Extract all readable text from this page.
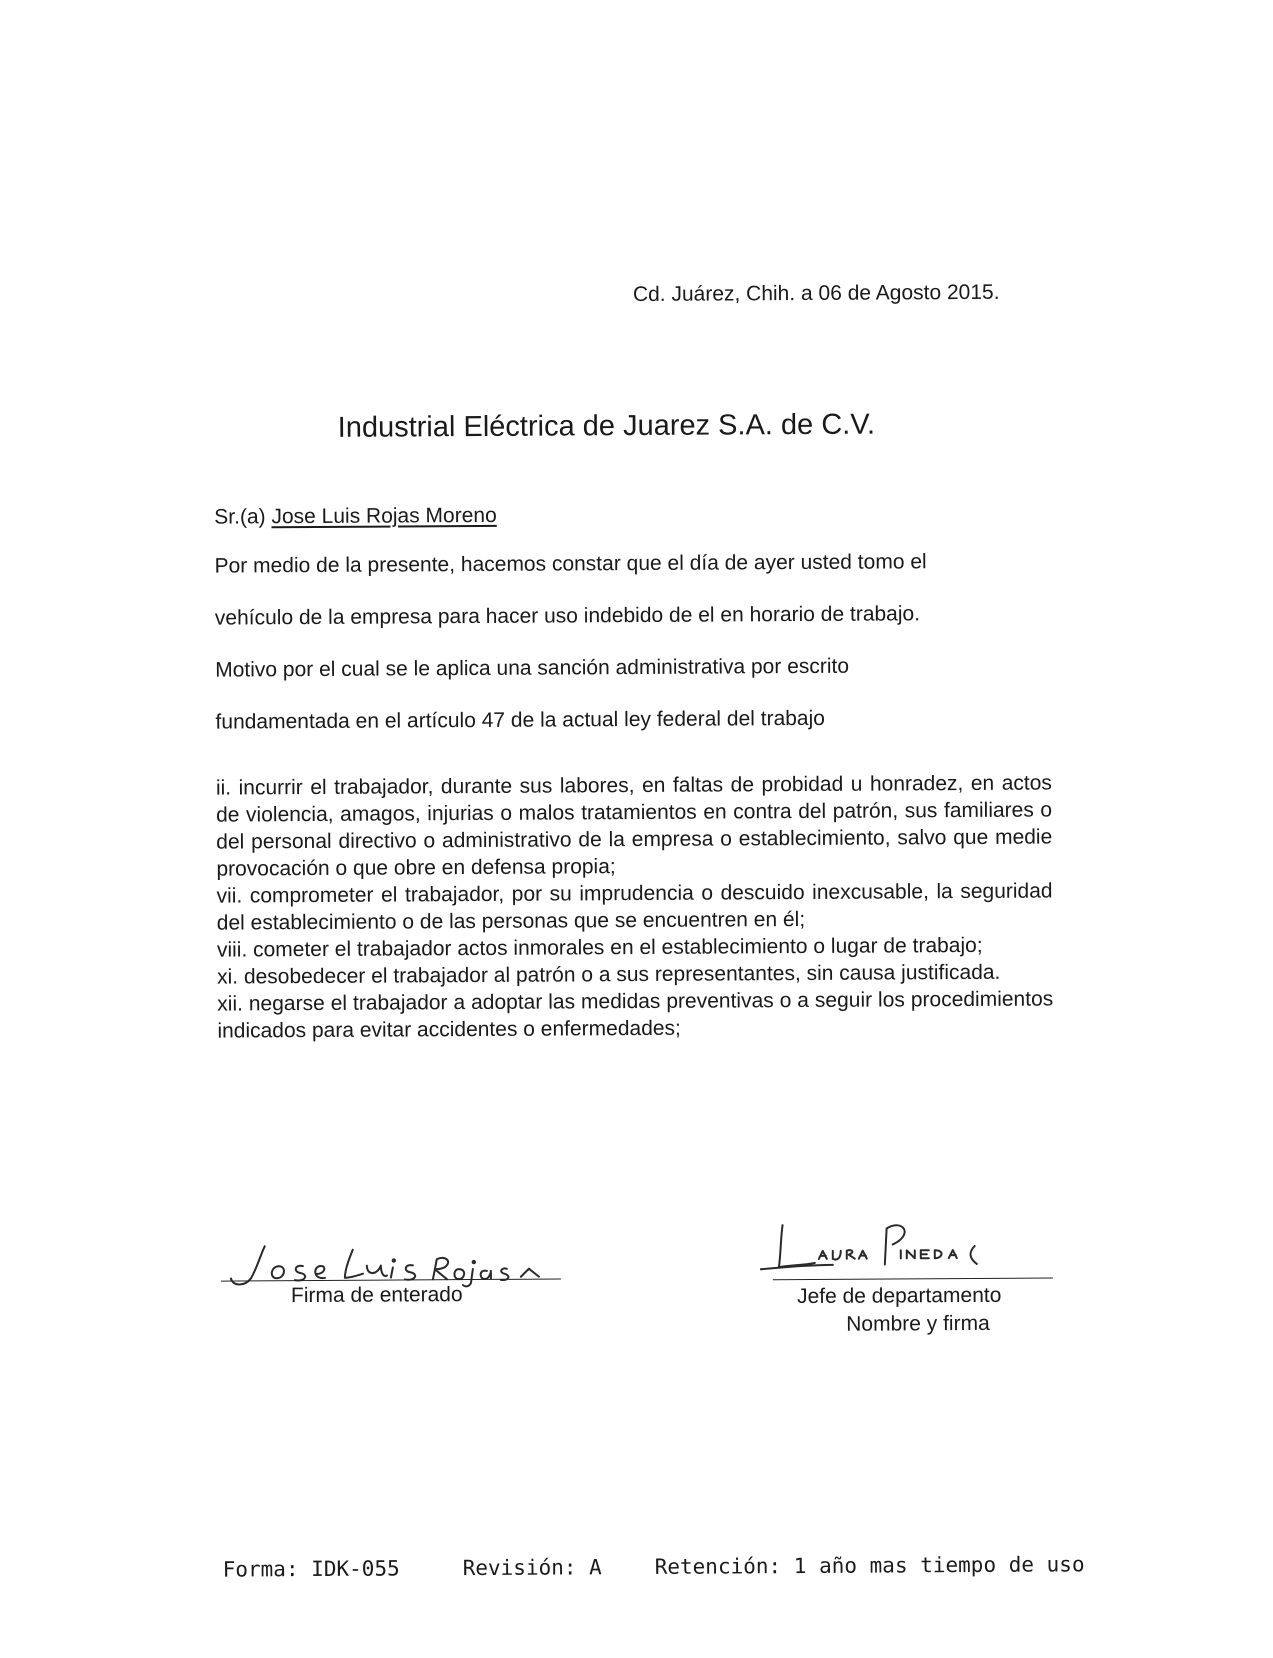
Cd. Juárez, Chih. a 06 de Agosto 2015.
Industrial Eléctrica de Juarez S.A. de C.V.
Sr.(a) Jose Luis Rojas Moreno
Por medio de la presente, hacemos constar que el día de ayer usted tomo el
vehículo de la empresa para hacer uso indebido de el en horario de trabajo.
Motivo por el cual se le aplica una sanción administrativa por escrito
fundamentada en el artículo 47 de la actual ley federal del trabajo

ii. incurrir el trabajador, durante sus labores, en faltas de probidad u honradez, en actos de violencia, amagos, injurias o malos tratamientos en contra del patrón, sus familiares o del personal directivo o administrativo de la empresa o establecimiento, salvo que medie provocación o que obre en defensa propia;

vii. comprometer el trabajador, por su imprudencia o descuido inexcusable, la seguridad del establecimiento o de las personas que se encuentren en él;

viii. cometer el trabajador actos inmorales en el establecimiento o lugar de trabajo;

xi. desobedecer el trabajador al patrón o a sus representantes, sin causa justificada.

xii. negarse el trabajador a adoptar las medidas preventivas o a seguir los procedimientos indicados para evitar accidentes o enfermedades;

Firma de enterado	Jefe de departamento
Nombre y firma
Forma: IDK-055	Revisión: A	Retención: 1 año mas tiempo de uso
